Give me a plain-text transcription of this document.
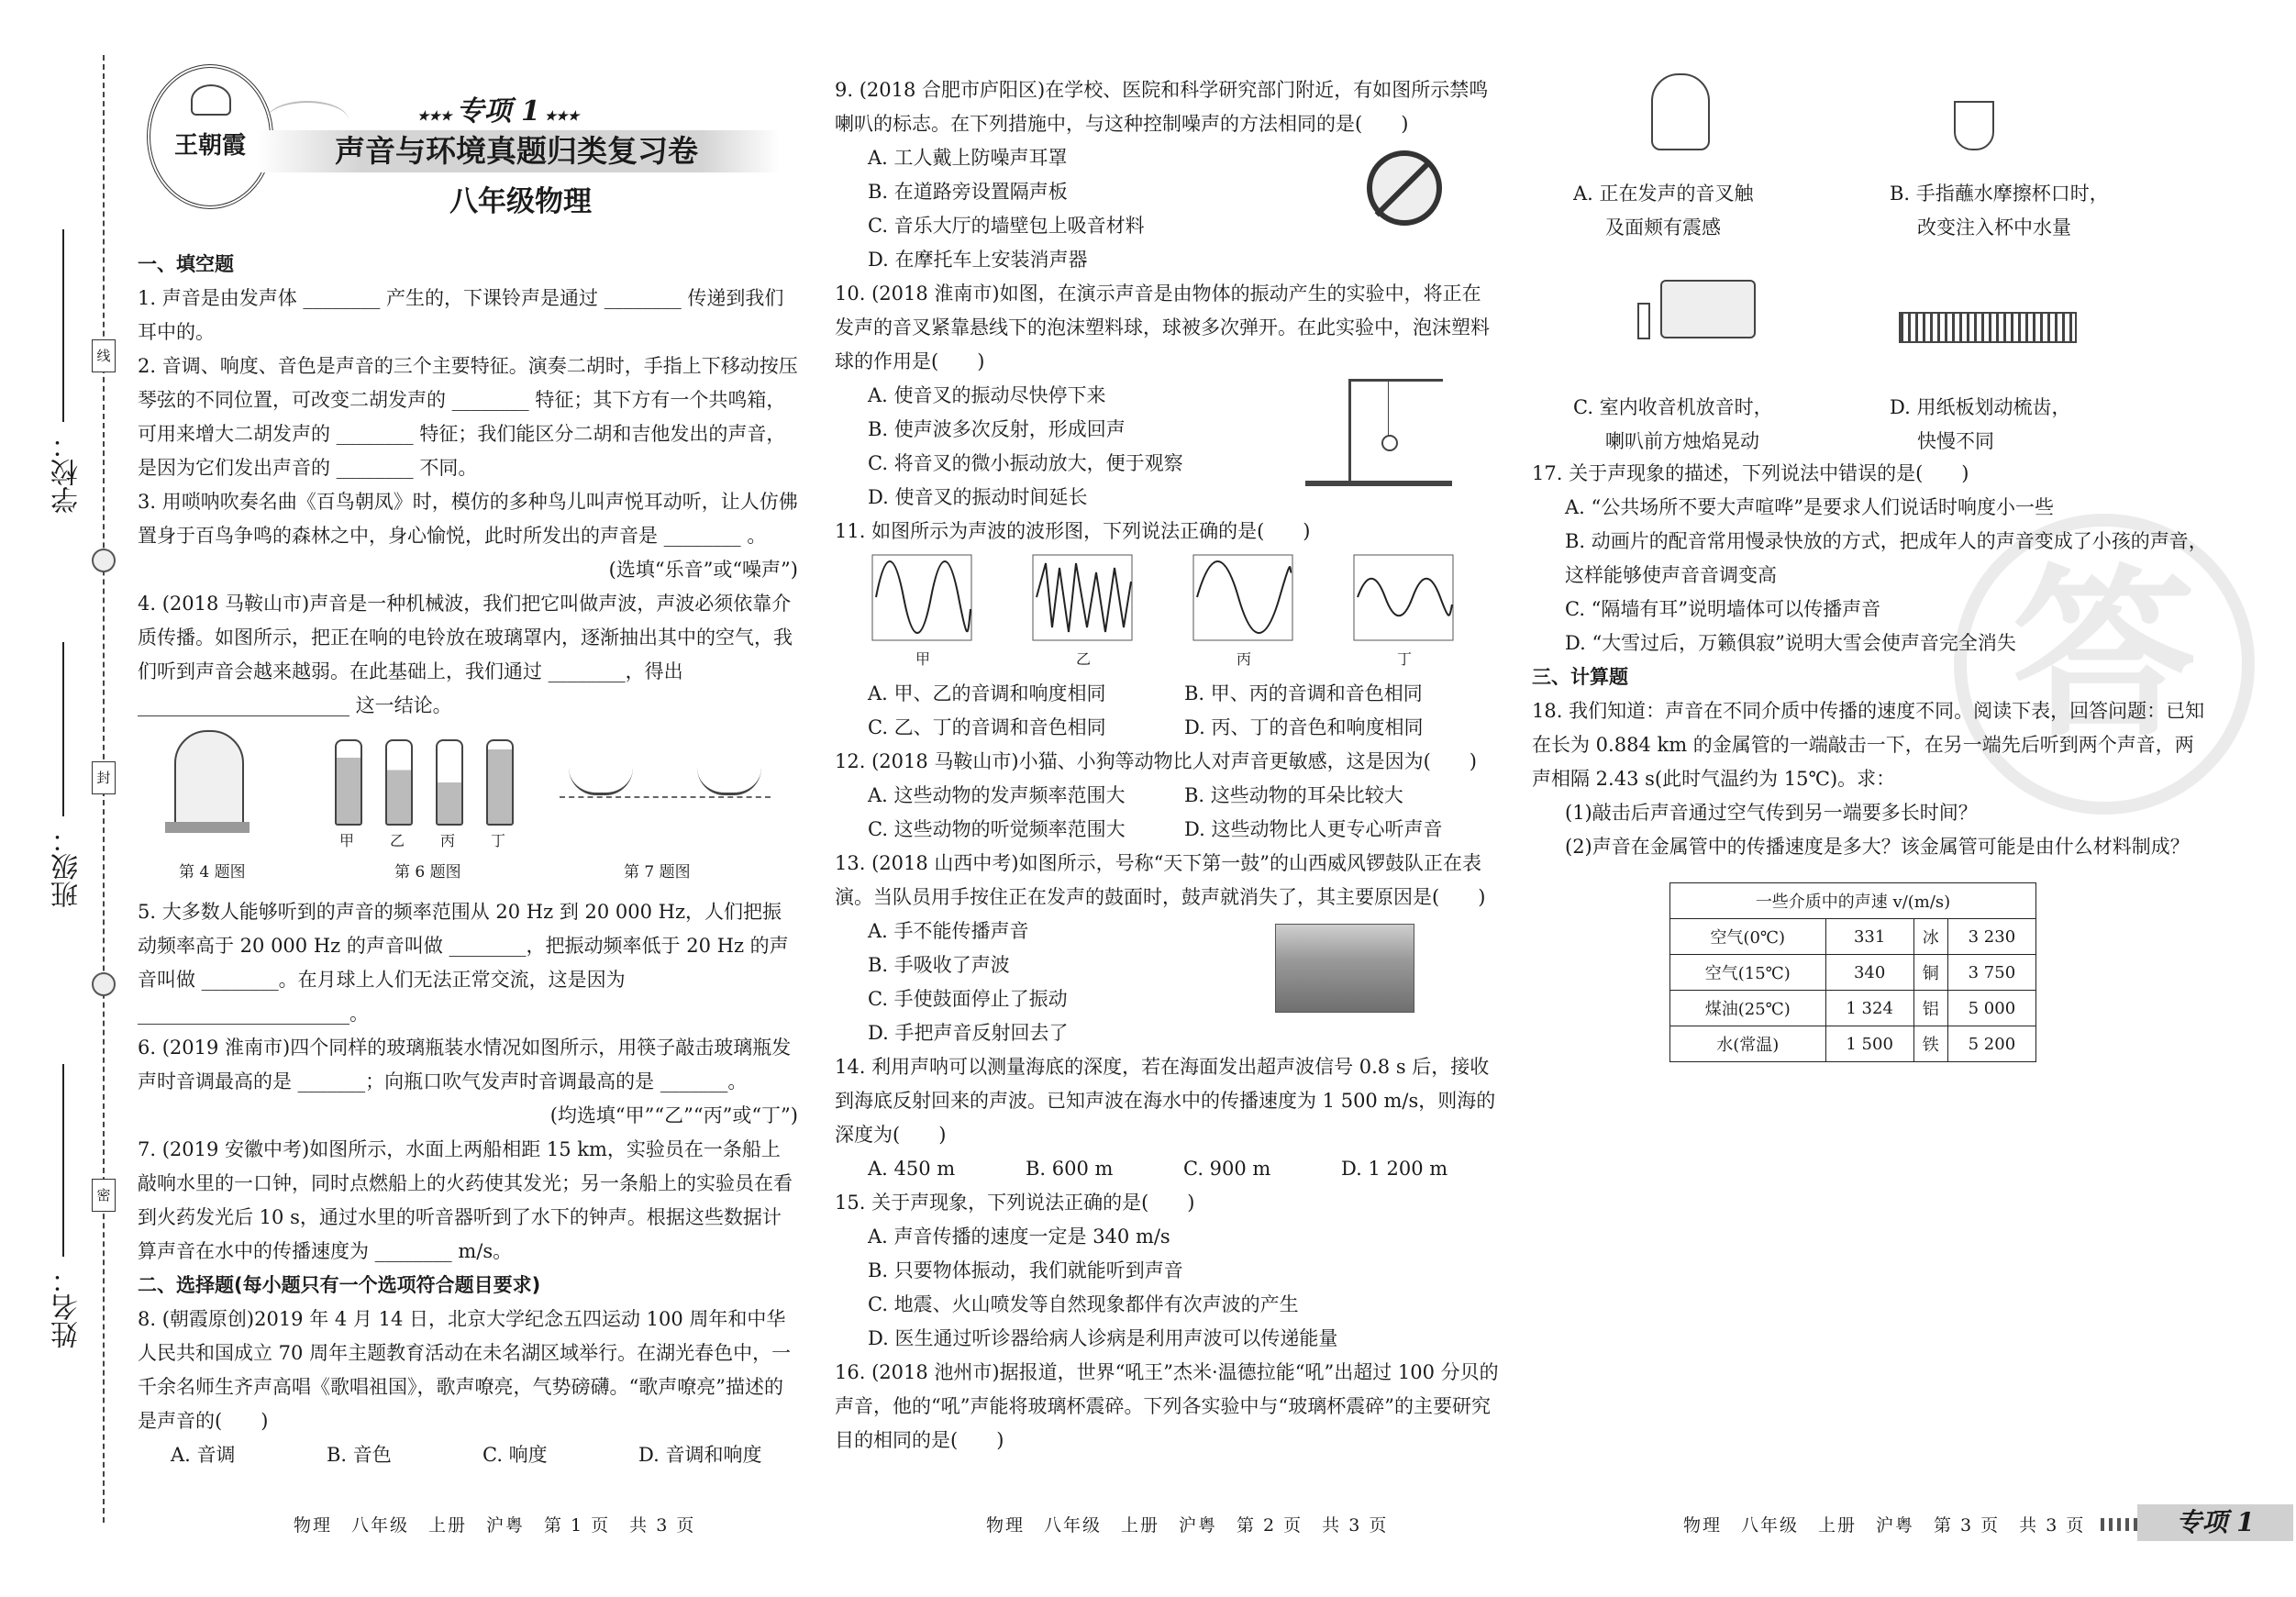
学校：
班级：
姓名：
线
封
密
王朝霞
★★★ 专项 1 ★★★
声音与环境真题归类复习卷
八年级物理

一、填空题

1. 声音是由发声体 ________ 产生的，下课铃声是通过 ________ 传递到我们耳中的。

2. 音调、响度、音色是声音的三个主要特征。演奏二胡时，手指上下移动按压琴弦的不同位置，可改变二胡发声的 ________ 特征；其下方有一个共鸣箱，可用来增大二胡发声的 ________ 特征；我们能区分二胡和吉他发出的声音，是因为它们发出声音的 ________ 不同。

3. 用唢呐吹奏名曲《百鸟朝凤》时，模仿的多种鸟儿叫声悦耳动听，让人仿佛置身于百鸟争鸣的森林之中，身心愉悦，此时所发出的声音是 ________ 。

(选填“乐音”或“噪声”)

4. (2018 马鞍山市)声音是一种机械波，我们把它叫做声波，声波必须依靠介质传播。如图所示，把正在响的电铃放在玻璃罩内，逐渐抽出其中的空气，我们听到声音会越来越弱。在此基础上，我们通过 ________，得出 ______________________ 这一结论。

第 4 题图
甲 乙 丙 丁
第 6 题图	第 7 题图

5. 大多数人能够听到的声音的频率范围从 20 Hz 到 20 000 Hz，人们把振动频率高于 20 000 Hz 的声音叫做 ________，把振动频率低于 20 Hz 的声音叫做 ________。在月球上人们无法正常交流，这是因为 ______________________。

6. (2019 淮南市)四个同样的玻璃瓶装水情况如图所示，用筷子敲击玻璃瓶发声时音调最高的是 _______；向瓶口吹气发声时音调最高的是 _______。

(均选填“甲”“乙”“丙”或“丁”)

7. (2019 安徽中考)如图所示，水面上两船相距 15 km，实验员在一条船上敲响水里的一口钟，同时点燃船上的火药使其发光；另一条船上的实验员在看到火药发光后 10 s，通过水里的听音器听到了水下的钟声。根据这些数据计算声音在水中的传播速度为 ________ m/s。

二、选择题(每小题只有一个选项符合题目要求)

8. (朝霞原创)2019 年 4 月 14 日，北京大学纪念五四运动 100 周年和中华人民共和国成立 70 周年主题教育活动在未名湖区域举行。在湖光春色中，一千余名师生齐声高唱《歌唱祖国》，歌声嘹亮，气势磅礴。“歌声嘹亮”描述的是声音的(　　)

A. 音调	B. 音色	C. 响度	D. 音调和响度
物理　八年级　上册　沪粤　第 1 页　共 3 页

9. (2018 合肥市庐阳区)在学校、医院和科学研究部门附近，有如图所示禁鸣喇叭的标志。在下列措施中，与这种控制噪声的方法相同的是(　　)

A. 工人戴上防噪声耳罩

B. 在道路旁设置隔声板

C. 音乐大厅的墙壁包上吸音材料

D. 在摩托车上安装消声器

10. (2018 淮南市)如图，在演示声音是由物体的振动产生的实验中，将正在发声的音叉紧靠悬线下的泡沫塑料球，球被多次弹开。在此实验中，泡沫塑料球的作用是(　　)

A. 使音叉的振动尽快停下来

B. 使声波多次反射，形成回声

C. 将音叉的微小振动放大，便于观察

D. 使音叉的振动时间延长

11. 如图所示为声波的波形图，下列说法正确的是(　　)

甲	乙	丙	丁
A. 甲、乙的音调和响度相同	B. 甲、丙的音调和音色相同
C. 乙、丁的音调和音色相同	D. 丙、丁的音色和响度相同

12. (2018 马鞍山市)小猫、小狗等动物比人对声音更敏感，这是因为(　　)

A. 这些动物的发声频率范围大	B. 这些动物的耳朵比较大
C. 这些动物的听觉频率范围大	D. 这些动物比人更专心听声音

13. (2018 山西中考)如图所示，号称“天下第一鼓”的山西威风锣鼓队正在表演。当队员用手按住正在发声的鼓面时，鼓声就消失了，其主要原因是(　　)

A. 手不能传播声音

B. 手吸收了声波

C. 手使鼓面停止了振动

D. 手把声音反射回去了

14. 利用声呐可以测量海底的深度，若在海面发出超声波信号 0.8 s 后，接收到海底反射回来的声波。已知声波在海水中的传播速度为 1 500 m/s，则海的深度为(　　)

A. 450 m	B. 600 m	C. 900 m	D. 1 200 m

15. 关于声现象，下列说法正确的是(　　)

A. 声音传播的速度一定是 340 m/s

B. 只要物体振动，我们就能听到声音

C. 地震、火山喷发等自然现象都伴有次声波的产生

D. 医生通过听诊器给病人诊病是利用声波可以传递能量

16. (2018 池州市)据报道，世界“吼王”杰米·温德拉能“吼”出超过 100 分贝的声音，他的“吼”声能将玻璃杯震碎。下列各实验中与“玻璃杯震碎”的主要研究目的相同的是(　　)

物理　八年级　上册　沪粤　第 2 页　共 3 页
A. 正在发声的音叉触
及面颊有震感
B. 手指蘸水摩擦杯口时，
改变注入杯中水量
C. 室内收音机放音时，
喇叭前方烛焰晃动
D. 用纸板划动梳齿，
快慢不同

17. 关于声现象的描述，下列说法中错误的是(　　)

A. “公共场所不要大声喧哗”是要求人们说话时响度小一些

B. 动画片的配音常用慢录快放的方式，把成年人的声音变成了小孩的声音，这样能够使声音音调变高

C. “隔墙有耳”说明墙体可以传播声音

D. “大雪过后，万籁俱寂”说明大雪会使声音完全消失

三、计算题

18. 我们知道：声音在不同介质中传播的速度不同。阅读下表，回答问题：已知在长为 0.884 km 的金属管的一端敲击一下，在另一端先后听到两个声音，两声相隔 2.43 s(此时气温约为 15℃)。求：

(1)敲击后声音通过空气传到另一端要多长时间？

(2)声音在金属管中的传播速度是多大？该金属管可能是由什么材料制成？

一些介质中的声速 v/(m/s)			
空气(0℃)	331	冰	3 230
空气(15℃)	340	铜	3 750
煤油(25℃)	1 324	铝	5 000
水(常温)	1 500	铁	5 200
答
物理　八年级　上册　沪粤　第 3 页　共 3 页	专项 1
